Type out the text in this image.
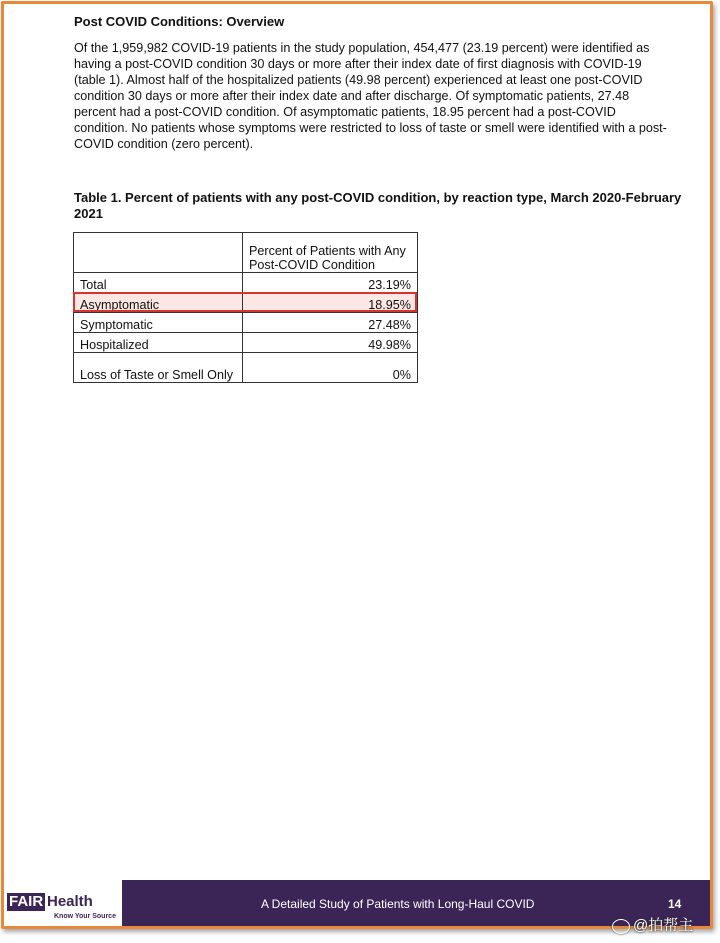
Post COVID Conditions: Overview

Of the 1,959,982 COVID-19 patients in the study population, 454,477 (23.19 percent) were identified as having a post-COVID condition 30 days or more after their index date of first diagnosis with COVID-19 (table 1). Almost half of the hospitalized patients (49.98 percent) experienced at least one post-COVID condition 30 days or more after their index date and after discharge. Of symptomatic patients, 27.48 percent had a post-COVID condition. Of asymptomatic patients, 18.95 percent had a post-COVID condition. No patients whose symptoms were restricted to loss of taste or smell were identified with a post-COVID condition (zero percent).

Table 1. Percent of patients with any post-COVID condition, by reaction type, March 2020-February 2021

	Percent of Patients with Any Post-COVID Condition
Total	23.19%
Asymptomatic	18.95%
Symptomatic	27.48%
Hospitalized	49.98%
Loss of Taste or Smell Only	0%
FAIR Health
Know Your Source
A Detailed Study of Patients with Long-Haul COVID	14
@拍帮主
